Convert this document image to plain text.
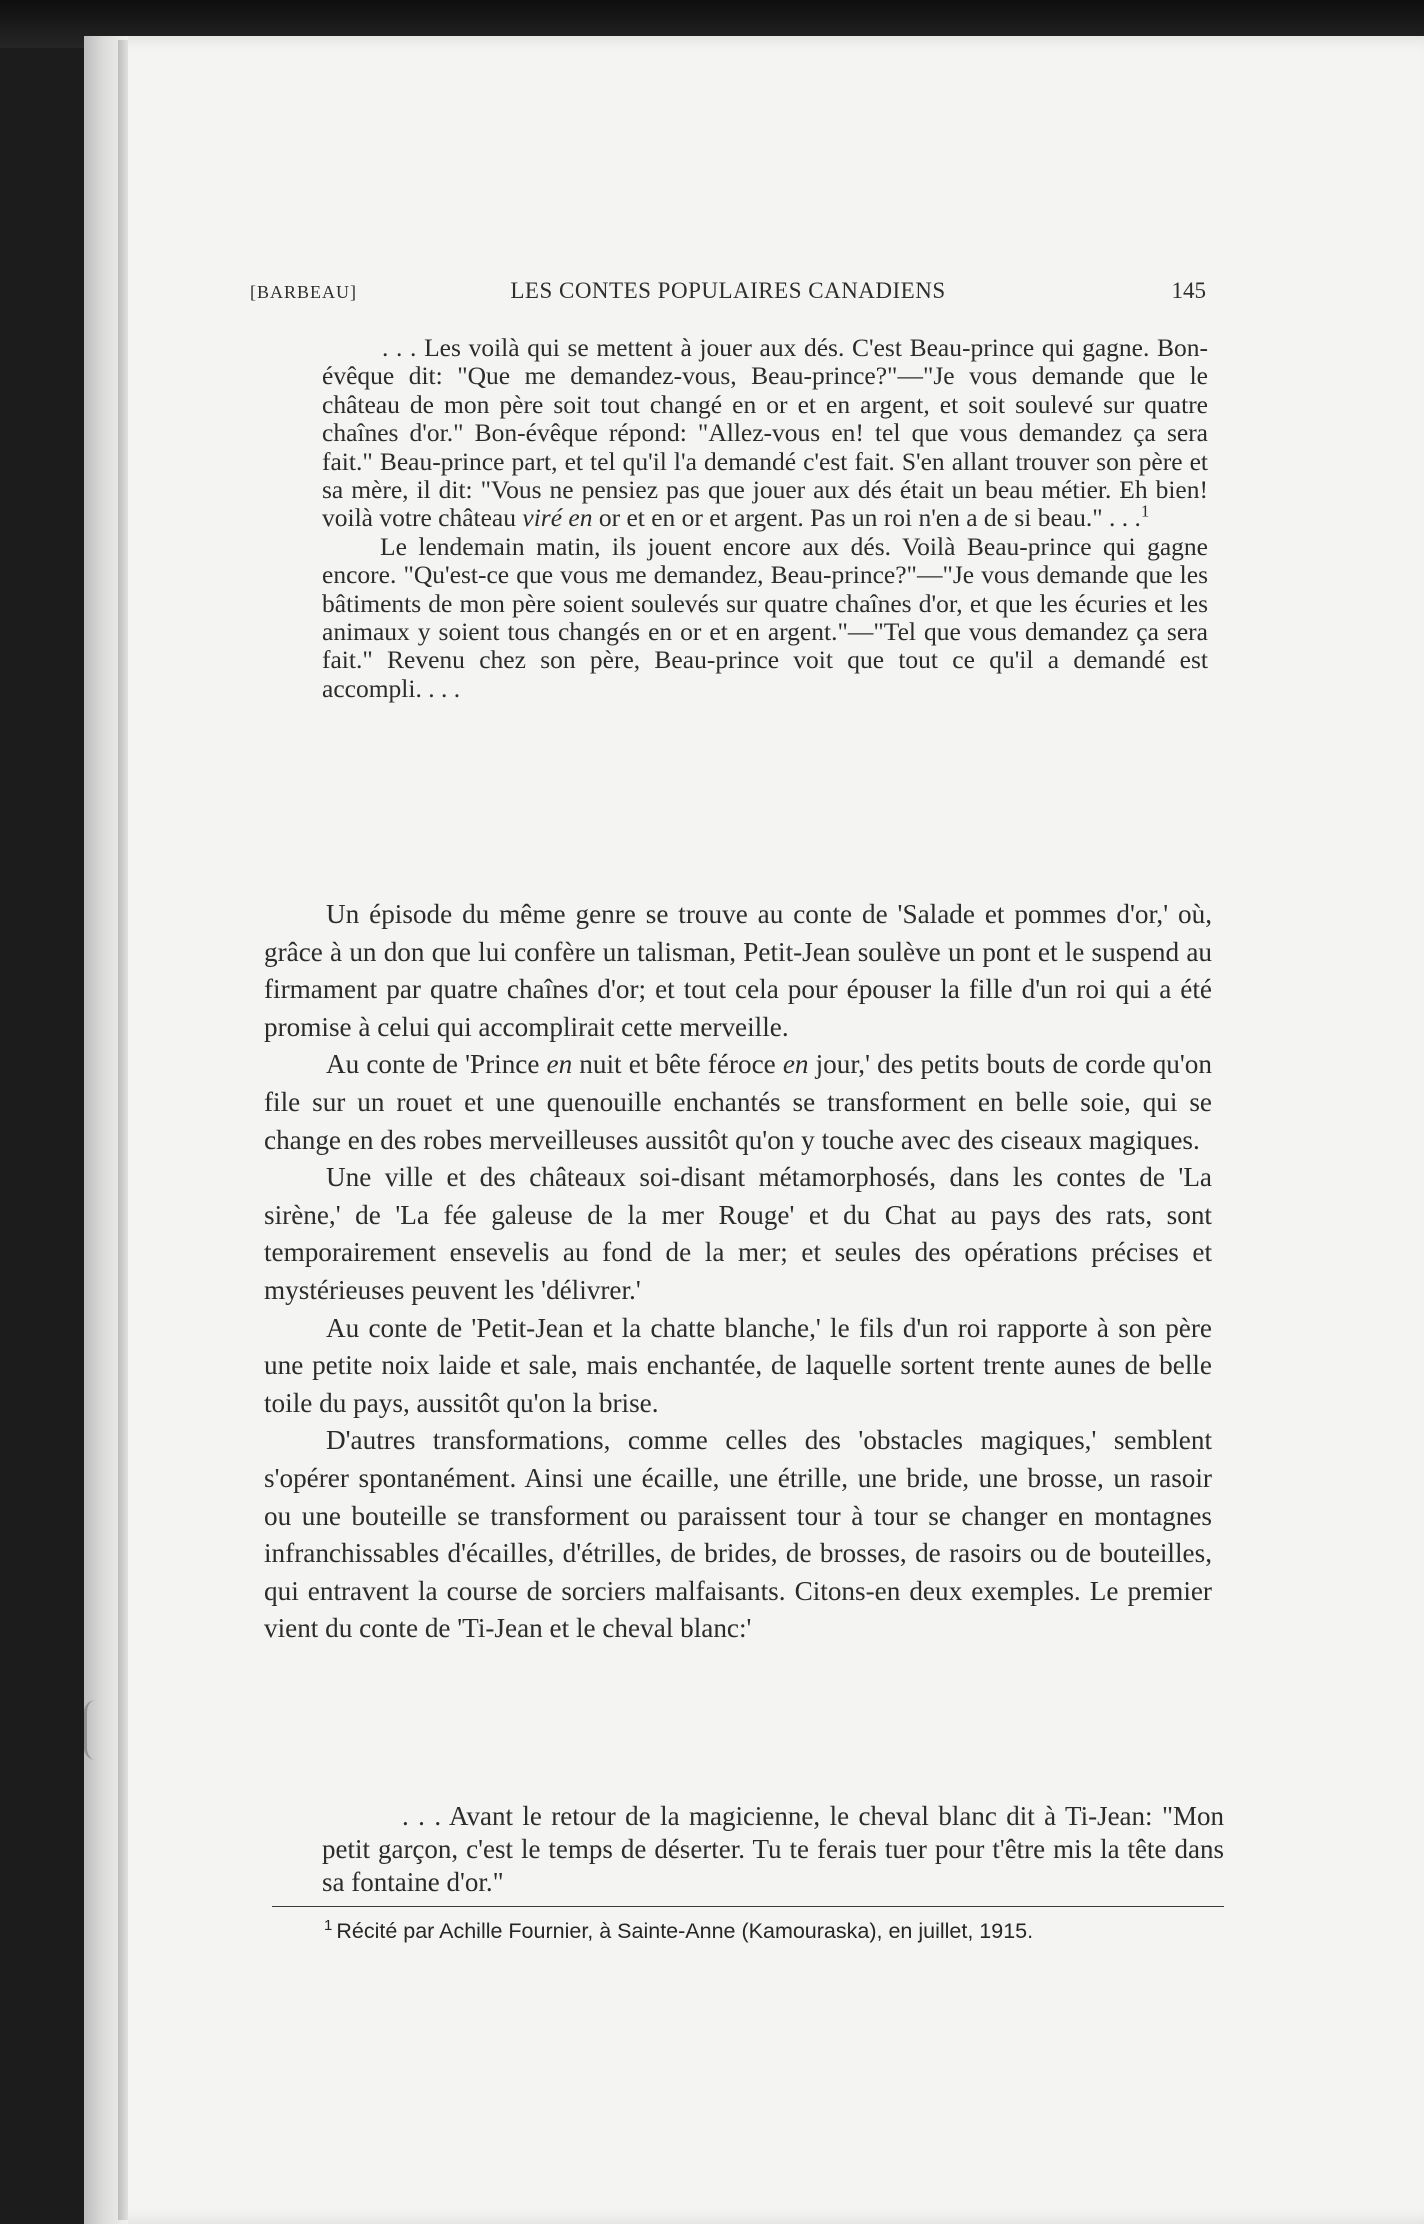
[BARBEAU]	LES CONTES POPULAIRES CANADIENS	145

. . . Les voilà qui se mettent à jouer aux dés. C'est Beau-prince qui gagne. Bon-évêque dit: "Que me demandez-vous, Beau-prince?"—"Je vous demande que le château de mon père soit tout changé en or et en argent, et soit soulevé sur quatre chaînes d'or." Bon-évêque répond: "Allez-vous en! tel que vous demandez ça sera fait." Beau-prince part, et tel qu'il l'a demandé c'est fait. S'en allant trouver son père et sa mère, il dit: "Vous ne pensiez pas que jouer aux dés était un beau métier. Eh bien! voilà votre château viré en or et en or et argent. Pas un roi n'en a de si beau." . . .$^1$

Le lendemain matin, ils jouent encore aux dés. Voilà Beau-prince qui gagne encore. "Qu'est-ce que vous me demandez, Beau-prince?"—"Je vous demande que les bâtiments de mon père soient soulevés sur quatre chaînes d'or, et que les écuries et les animaux y soient tous changés en or et en argent."—"Tel que vous demandez ça sera fait." Revenu chez son père, Beau-prince voit que tout ce qu'il a demandé est accompli. . . .

Un épisode du même genre se trouve au conte de 'Salade et pommes d'or,' où, grâce à un don que lui confère un talisman, Petit-Jean soulève un pont et le suspend au firmament par quatre chaînes d'or; et tout cela pour épouser la fille d'un roi qui a été promise à celui qui accomplirait cette merveille.

Au conte de 'Prince en nuit et bête féroce en jour,' des petits bouts de corde qu'on file sur un rouet et une quenouille enchantés se transforment en belle soie, qui se change en des robes merveilleuses aussitôt qu'on y touche avec des ciseaux magiques.

Une ville et des châteaux soi-disant métamorphosés, dans les contes de 'La sirène,' de 'La fée galeuse de la mer Rouge' et du Chat au pays des rats, sont temporairement ensevelis au fond de la mer; et seules des opérations précises et mystérieuses peuvent les 'délivrer.'

Au conte de 'Petit-Jean et la chatte blanche,' le fils d'un roi rapporte à son père une petite noix laide et sale, mais enchantée, de laquelle sortent trente aunes de belle toile du pays, aussitôt qu'on la brise.

D'autres transformations, comme celles des 'obstacles magiques,' semblent s'opérer spontanément. Ainsi une écaille, une étrille, une bride, une brosse, un rasoir ou une bouteille se transforment ou paraissent tour à tour se changer en montagnes infranchissables d'écailles, d'étrilles, de brides, de brosses, de rasoirs ou de bouteilles, qui entravent la course de sorciers malfaisants. Citons-en deux exemples. Le premier vient du conte de 'Ti-Jean et le cheval blanc:'

. . . Avant le retour de la magicienne, le cheval blanc dit à Ti-Jean: "Mon petit garçon, c'est le temps de déserter. Tu te ferais tuer pour t'être mis la tête dans sa fontaine d'or."

$^1$ Récité par Achille Fournier, à Sainte-Anne (Kamouraska), en juillet, 1915.
